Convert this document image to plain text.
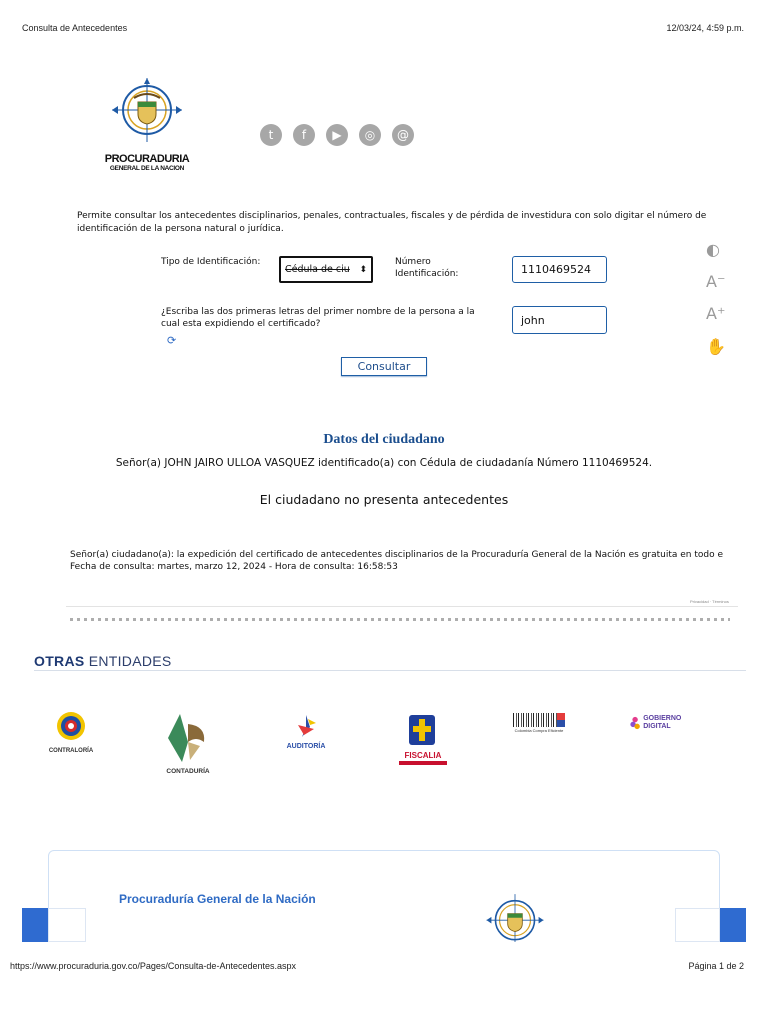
Consulta de Antecedentes	12/03/24, 4:59 p.m.
PROCURADURIA
GENERAL DE LA NACION
t	f	▶	◎	@
Permite consultar los antecedentes disciplinarios, penales, contractuales, fiscales y de pérdida de investidura con solo digitar el número de identificación de la persona natural o jurídica.
Tipo de Identificación:
Cédula de ciu	⬍
Número Identificación:	1110469524
¿Escriba las dos primeras letras del primer nombre de la persona a la cual esta expidiendo el certificado?
⟳
john
Consultar
◐
A⁻
A⁺
✋
Datos del ciudadano
Señor(a) JOHN JAIRO ULLOA VASQUEZ identificado(a) con Cédula de ciudadanía Número 1110469524.
El ciudadano no presenta antecedentes
Señor(a) ciudadano(a): la expedición del certificado de antecedentes disciplinarios de la Procuraduría General de la Nación es gratuita en todo e
Fecha de consulta: martes, marzo 12, 2024 - Hora de consulta: 16:58:53
Privacidad · Términos
OTRAS ENTIDADES
CONTRALORÍA
CONTADURÍA
AUDITORÍA
FISCALIA
Colombia Compra Eficiente
GOBIERNO DIGITAL
Procuraduría General de la Nación
https://www.procuraduria.gov.co/Pages/Consulta-de-Antecedentes.aspx	Página 1 de 2
